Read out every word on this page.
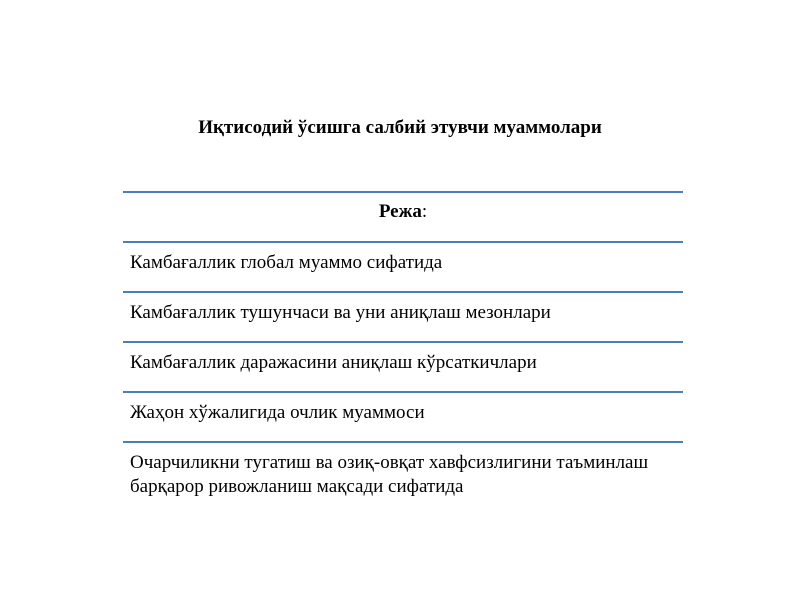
Иқтисодий ўсишга салбий этувчи муаммолари
Режа:
Камбағаллик глобал муаммо сифатида
Камбағаллик тушунчаси ва уни аниқлаш мезонлари
Камбағаллик даражасини аниқлаш кўрсаткичлари
Жаҳон хўжалигида очлик муаммоси
Очарчиликни тугатиш ва озиқ-овқат хавфсизлигини таъминлаш барқарор ривожланиш мақсади сифатида
